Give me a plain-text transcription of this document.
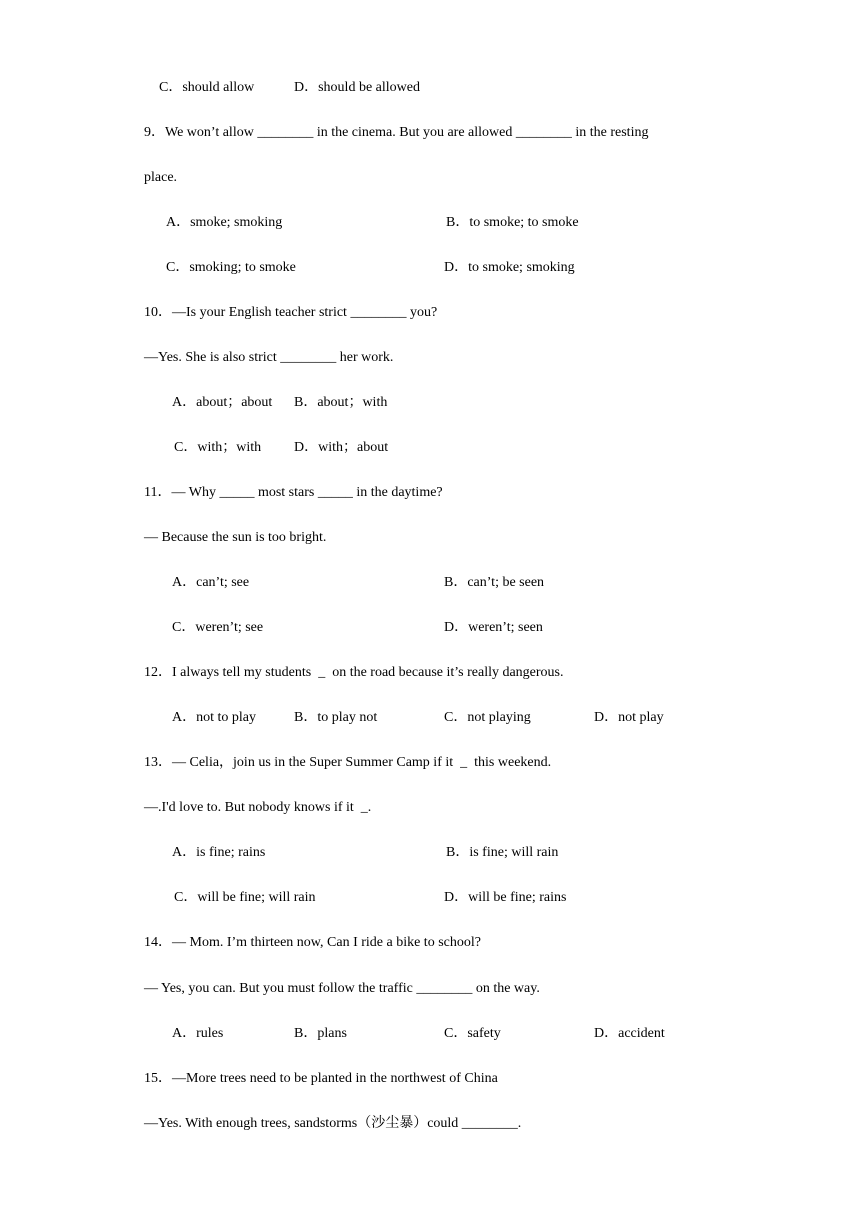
C．should allow	D．should be allowed
9．We won’t allow ________ in the cinema. But you are allowed ________ in the resting
place.
A．smoke; smoking	B．to smoke; to smoke
C．smoking; to smoke	D．to smoke; smoking
10．—Is your English teacher strict ________ you?
—Yes. She is also strict ________ her work.
A．about；about B．about；with
C．with；with D．with；about
11．— Why _____ most stars _____ in the daytime?
— Because the sun is too bright.
A．can’t; see	B．can’t; be seen
C．weren’t; see	D．weren’t; seen
12．I always tell my students  _  on the road because it’s really dangerous.
A．not to play	B．to play not	C．not playing	D．not play
13．— Celia，join us in the Super Summer Camp if it  _  this weekend.
—.I'd love to. But nobody knows if it  _.
A．is fine; rains	B．is fine; will rain
C．will be fine; will rain	D．will be fine; rains
14．— Mom. I’m thirteen now, Can I ride a bike to school?
— Yes, you can. But you must follow the traffic ________ on the way.
A．rules	B．plans	C．safety	D．accident
15．—More trees need to be planted in the northwest of China
—Yes. With enough trees, sandstorms（沙尘暴）could ________.
